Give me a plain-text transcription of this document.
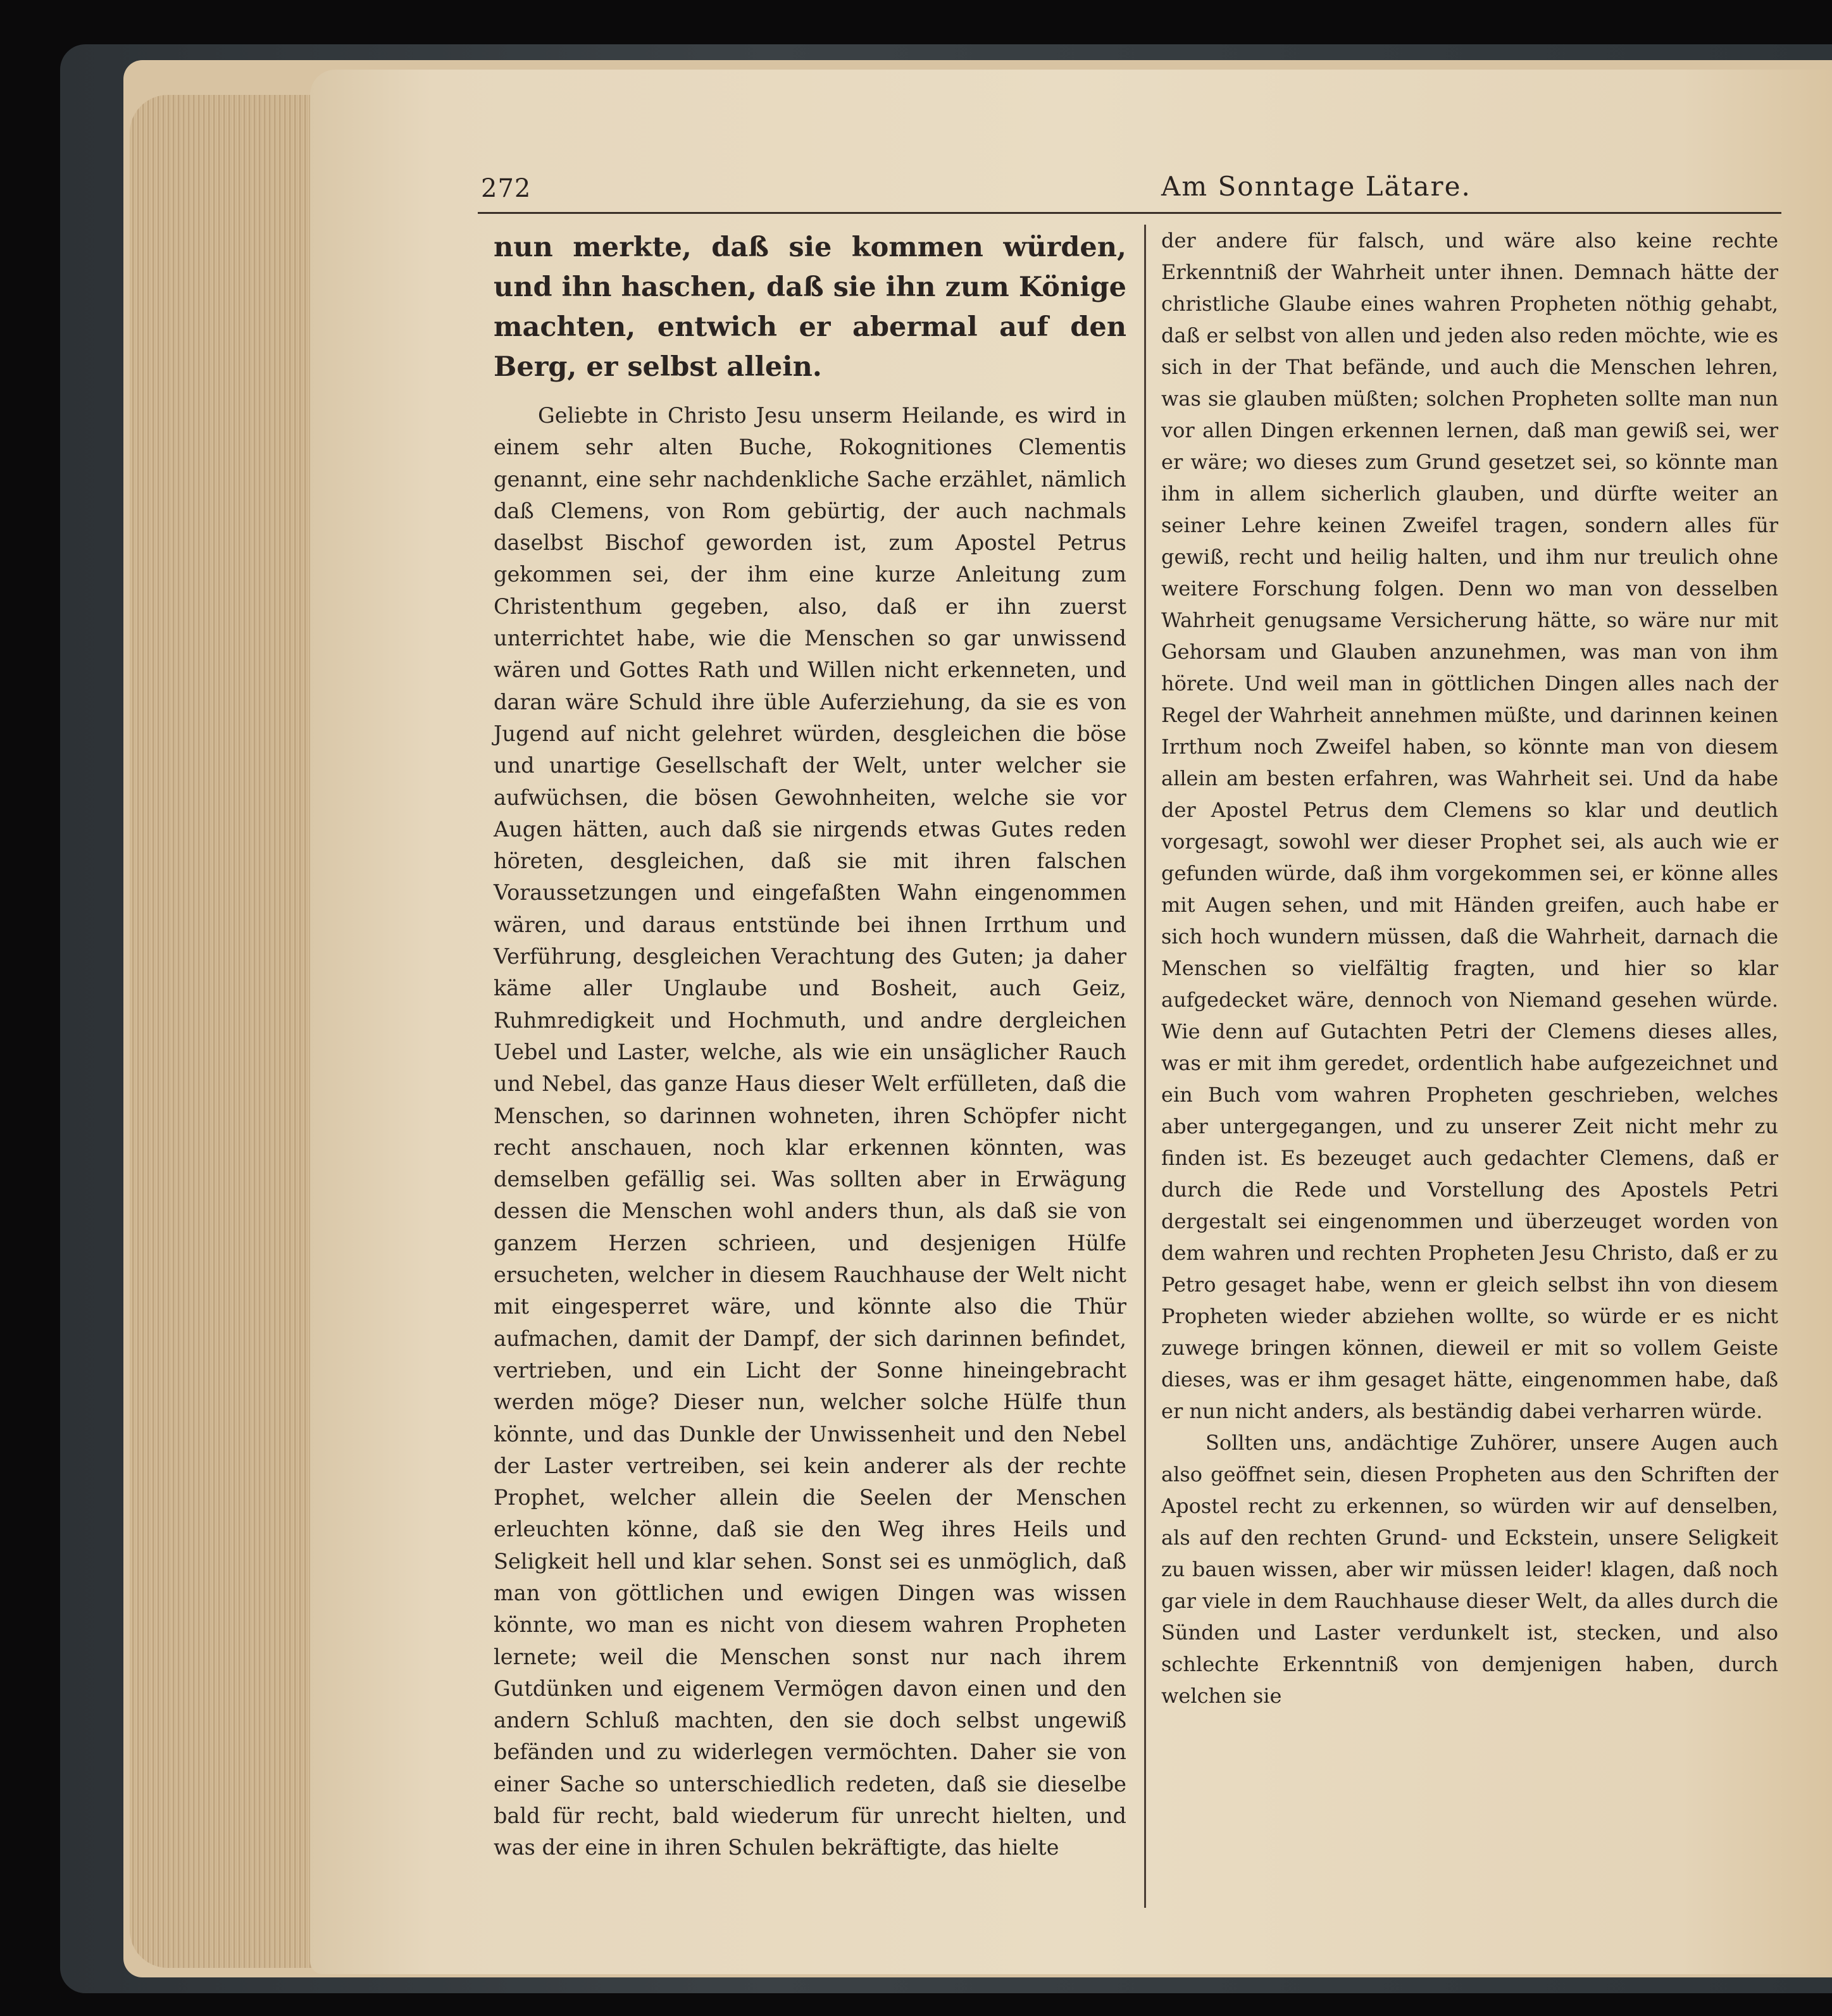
272	Am Sonntage Lätare.

nun merkte, daß sie kommen würden, und ihn haschen, daß sie ihn zum Könige machten, entwich er abermal auf den Berg, er selbst allein.

Geliebte in Christo Jesu unserm Heilande, es wird in einem sehr alten Buche, Rokognitiones Clementis genannt, eine sehr nachdenkliche Sache erzählet, nämlich daß Clemens, von Rom gebürtig, der auch nachmals daselbst Bischof geworden ist, zum Apostel Petrus gekommen sei, der ihm eine kurze Anleitung zum Christenthum gegeben, also, daß er ihn zuerst unterrichtet habe, wie die Menschen so gar unwissend wären und Gottes Rath und Willen nicht erkenneten, und daran wäre Schuld ihre üble Auferziehung, da sie es von Jugend auf nicht gelehret würden, desgleichen die böse und unartige Gesellschaft der Welt, unter welcher sie aufwüchsen, die bösen Gewohnheiten, welche sie vor Augen hätten, auch daß sie nirgends etwas Gutes reden höreten, desgleichen, daß sie mit ihren falschen Voraussetzungen und eingefaßten Wahn eingenommen wären, und daraus entstünde bei ihnen Irrthum und Verführung, desgleichen Verachtung des Guten; ja daher käme aller Unglaube und Bosheit, auch Geiz, Ruhmredigkeit und Hochmuth, und andre dergleichen Uebel und Laster, welche, als wie ein unsäglicher Rauch und Nebel, das ganze Haus dieser Welt erfülleten, daß die Menschen, so darinnen wohneten, ihren Schöpfer nicht recht anschauen, noch klar erkennen könnten, was demselben gefällig sei. Was sollten aber in Erwägung dessen die Menschen wohl anders thun, als daß sie von ganzem Herzen schrieen, und desjenigen Hülfe ersucheten, welcher in diesem Rauchhause der Welt nicht mit eingesperret wäre, und könnte also die Thür aufmachen, damit der Dampf, der sich darinnen befindet, vertrieben, und ein Licht der Sonne hineingebracht werden möge? Dieser nun, welcher solche Hülfe thun könnte, und das Dunkle der Unwissenheit und den Nebel der Laster vertreiben, sei kein anderer als der rechte Prophet, welcher allein die Seelen der Menschen erleuchten könne, daß sie den Weg ihres Heils und Seligkeit hell und klar sehen. Sonst sei es unmöglich, daß man von göttlichen und ewigen Dingen was wissen könnte, wo man es nicht von diesem wahren Propheten lernete; weil die Menschen sonst nur nach ihrem Gutdünken und eigenem Vermögen davon einen und den andern Schluß machten, den sie doch selbst ungewiß befänden und zu widerlegen vermöchten. Daher sie von einer Sache so unterschiedlich redeten, daß sie dieselbe bald für recht, bald wiederum für unrecht hielten, und was der eine in ihren Schulen bekräftigte, das hielte

der andere für falsch, und wäre also keine rechte Erkenntniß der Wahrheit unter ihnen. Demnach hätte der christliche Glaube eines wahren Propheten nöthig gehabt, daß er selbst von allen und jeden also reden möchte, wie es sich in der That befände, und auch die Menschen lehren, was sie glauben müßten; solchen Propheten sollte man nun vor allen Dingen erkennen lernen, daß man gewiß sei, wer er wäre; wo dieses zum Grund gesetzet sei, so könnte man ihm in allem sicherlich glauben, und dürfte weiter an seiner Lehre keinen Zweifel tragen, sondern alles für gewiß, recht und heilig halten, und ihm nur treulich ohne weitere Forschung folgen. Denn wo man von desselben Wahrheit genugsame Versicherung hätte, so wäre nur mit Gehorsam und Glauben anzunehmen, was man von ihm hörete. Und weil man in göttlichen Dingen alles nach der Regel der Wahrheit annehmen müßte, und darinnen keinen Irrthum noch Zweifel haben, so könnte man von diesem allein am besten erfahren, was Wahrheit sei. Und da habe der Apostel Petrus dem Clemens so klar und deutlich vorgesagt, sowohl wer dieser Prophet sei, als auch wie er gefunden würde, daß ihm vorgekommen sei, er könne alles mit Augen sehen, und mit Händen greifen, auch habe er sich hoch wundern müssen, daß die Wahrheit, darnach die Menschen so vielfältig fragten, und hier so klar aufgedecket wäre, dennoch von Niemand gesehen würde. Wie denn auf Gutachten Petri der Clemens dieses alles, was er mit ihm geredet, ordentlich habe aufgezeichnet und ein Buch vom wahren Propheten geschrieben, welches aber untergegangen, und zu unserer Zeit nicht mehr zu finden ist. Es bezeuget auch gedachter Clemens, daß er durch die Rede und Vorstellung des Apostels Petri dergestalt sei eingenommen und überzeuget worden von dem wahren und rechten Propheten Jesu Christo, daß er zu Petro gesaget habe, wenn er gleich selbst ihn von diesem Propheten wieder abziehen wollte, so würde er es nicht zuwege bringen können, dieweil er mit so vollem Geiste dieses, was er ihm gesaget hätte, eingenommen habe, daß er nun nicht anders, als beständig dabei verharren würde.

Sollten uns, andächtige Zuhörer, unsere Augen auch also geöffnet sein, diesen Propheten aus den Schriften der Apostel recht zu erkennen, so würden wir auf denselben, als auf den rechten Grund- und Eckstein, unsere Seligkeit zu bauen wissen, aber wir müssen leider! klagen, daß noch gar viele in dem Rauchhause dieser Welt, da alles durch die Sünden und Laster verdunkelt ist, stecken, und also schlechte Erkenntniß von demjenigen haben, durch welchen sie
